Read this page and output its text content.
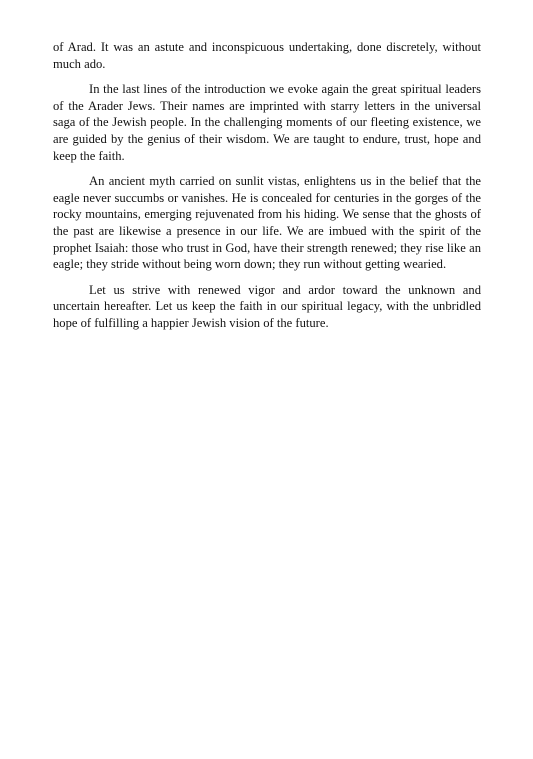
of Arad. It was an astute and inconspicuous undertaking, done discretely, without much ado.

In the last lines of the introduction we evoke again the great spiritual leaders of the Arader Jews. Their names are imprinted with starry letters in the universal saga of the Jewish people. In the challenging moments of our fleeting existence, we are guided by the genius of their wisdom. We are taught to endure, trust, hope and keep the faith.

An ancient myth carried on sunlit vistas, enlightens us in the belief that the eagle never succumbs or vanishes. He is concealed for centuries in the gorges of the rocky mountains, emerging rejuvenated from his hiding. We sense that the ghosts of the past are likewise a presence in our life. We are imbued with the spirit of the prophet Isaiah: those who trust in God, have their strength renewed; they rise like an eagle; they stride without being worn down; they run without getting wearied.

Let us strive with renewed vigor and ardor toward the unknown and uncertain hereafter. Let us keep the faith in our spiritual legacy, with the unbridled hope of fulfilling a happier Jewish vision of the future.
